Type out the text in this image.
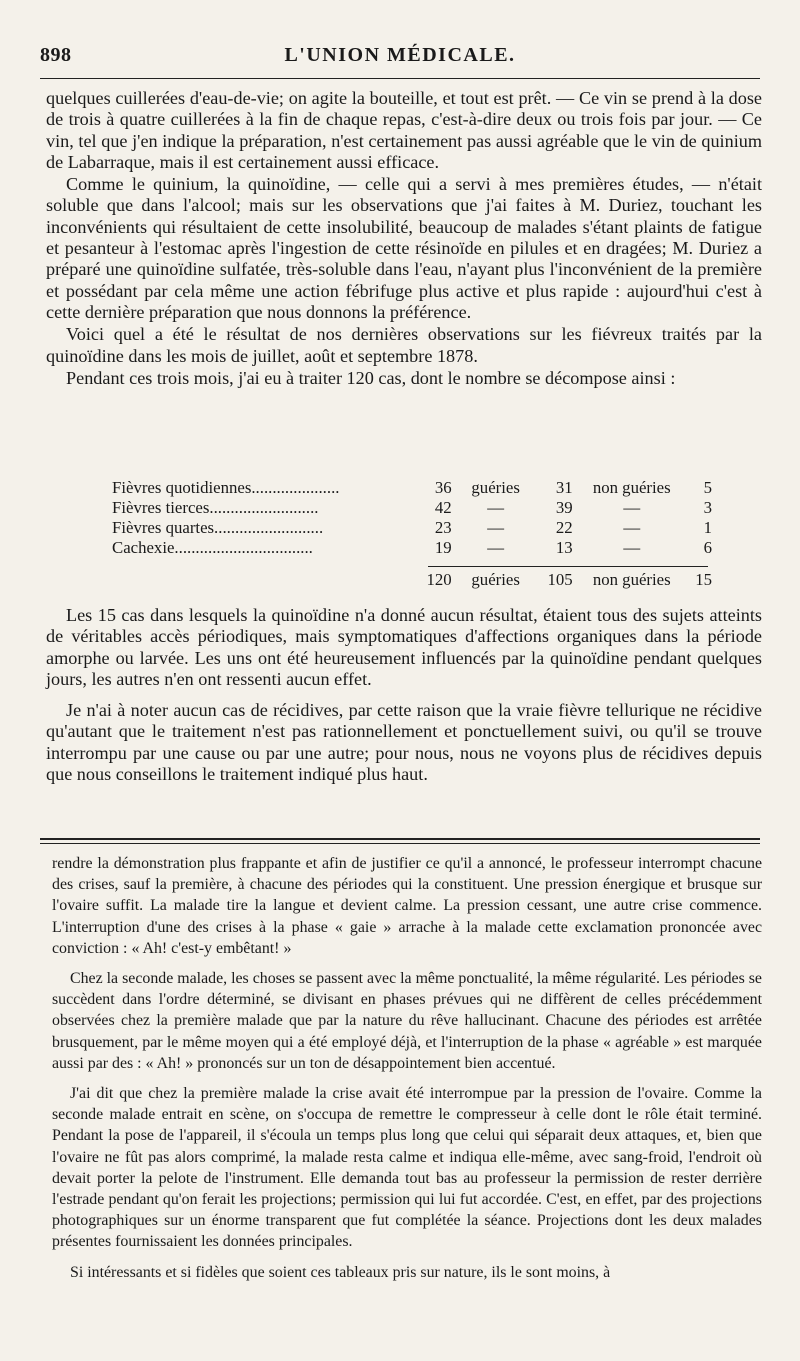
898	L'UNION MÉDICALE.

quelques cuillerées d'eau-de-vie; on agite la bouteille, et tout est prêt. — Ce vin se prend à la dose de trois à quatre cuillerées à la fin de chaque repas, c'est-à-dire deux ou trois fois par jour. — Ce vin, tel que j'en indique la préparation, n'est certainement pas aussi agréable que le vin de quinium de Labarraque, mais il est certainement aussi efficace.

Comme le quinium, la quinoïdine, — celle qui a servi à mes premières études, — n'était soluble que dans l'alcool; mais sur les observations que j'ai faites à M. Duriez, touchant les inconvénients qui résultaient de cette insolubilité, beaucoup de malades s'étant plaints de fatigue et pesanteur à l'estomac après l'ingestion de cette résinoïde en pilules et en dragées; M. Duriez a préparé une quinoïdine sulfatée, très-soluble dans l'eau, n'ayant plus l'inconvénient de la première et possédant par cela même une action fébrifuge plus active et plus rapide : aujourd'hui c'est à cette dernière préparation que nous donnons la préférence.

Voici quel a été le résultat de nos dernières observations sur les fiévreux traités par la quinoïdine dans les mois de juillet, août et septembre 1878.

Pendant ces trois mois, j'ai eu à traiter 120 cas, dont le nombre se décompose ainsi :

Fièvres quotidiennes.....................	36	guéries	31	non guéries	5
Fièvres tierces..........................	42	—	39	—	3
Fièvres quartes..........................	23	—	22	—	1
Cachexie.................................	19	—	13	—	6
	120	guéries	105	non guéries	15

Les 15 cas dans lesquels la quinoïdine n'a donné aucun résultat, étaient tous des sujets atteints de véritables accès périodiques, mais symptomatiques d'affections organiques dans la période amorphe ou larvée. Les uns ont été heureusement influencés par la quinoïdine pendant quelques jours, les autres n'en ont ressenti aucun effet.

Je n'ai à noter aucun cas de récidives, par cette raison que la vraie fièvre tellurique ne récidive qu'autant que le traitement n'est pas rationnellement et ponctuellement suivi, ou qu'il se trouve interrompu par une cause ou par une autre; pour nous, nous ne voyons plus de récidives depuis que nous conseillons le traitement indiqué plus haut.

rendre la démonstration plus frappante et afin de justifier ce qu'il a annoncé, le professeur interrompt chacune des crises, sauf la première, à chacune des périodes qui la constituent. Une pression énergique et brusque sur l'ovaire suffit. La malade tire la langue et devient calme. La pression cessant, une autre crise commence. L'interruption d'une des crises à la phase « gaie » arrache à la malade cette exclamation prononcée avec conviction : « Ah! c'est-y embêtant! »

Chez la seconde malade, les choses se passent avec la même ponctualité, la même régularité. Les périodes se succèdent dans l'ordre déterminé, se divisant en phases prévues qui ne diffèrent de celles précédemment observées chez la première malade que par la nature du rêve hallucinant. Chacune des périodes est arrêtée brusquement, par le même moyen qui a été employé déjà, et l'interruption de la phase « agréable » est marquée aussi par des : « Ah! » prononcés sur un ton de désappointement bien accentué.

J'ai dit que chez la première malade la crise avait été interrompue par la pression de l'ovaire. Comme la seconde malade entrait en scène, on s'occupa de remettre le compresseur à celle dont le rôle était terminé. Pendant la pose de l'appareil, il s'écoula un temps plus long que celui qui séparait deux attaques, et, bien que l'ovaire ne fût pas alors comprimé, la malade resta calme et indiqua elle-même, avec sang-froid, l'endroit où devait porter la pelote de l'instrument. Elle demanda tout bas au professeur la permission de rester derrière l'estrade pendant qu'on ferait les projections; permission qui lui fut accordée. C'est, en effet, par des projections photographiques sur un énorme transparent que fut complétée la séance. Projections dont les deux malades présentes fournissaient les données principales.

Si intéressants et si fidèles que soient ces tableaux pris sur nature, ils le sont moins, à
